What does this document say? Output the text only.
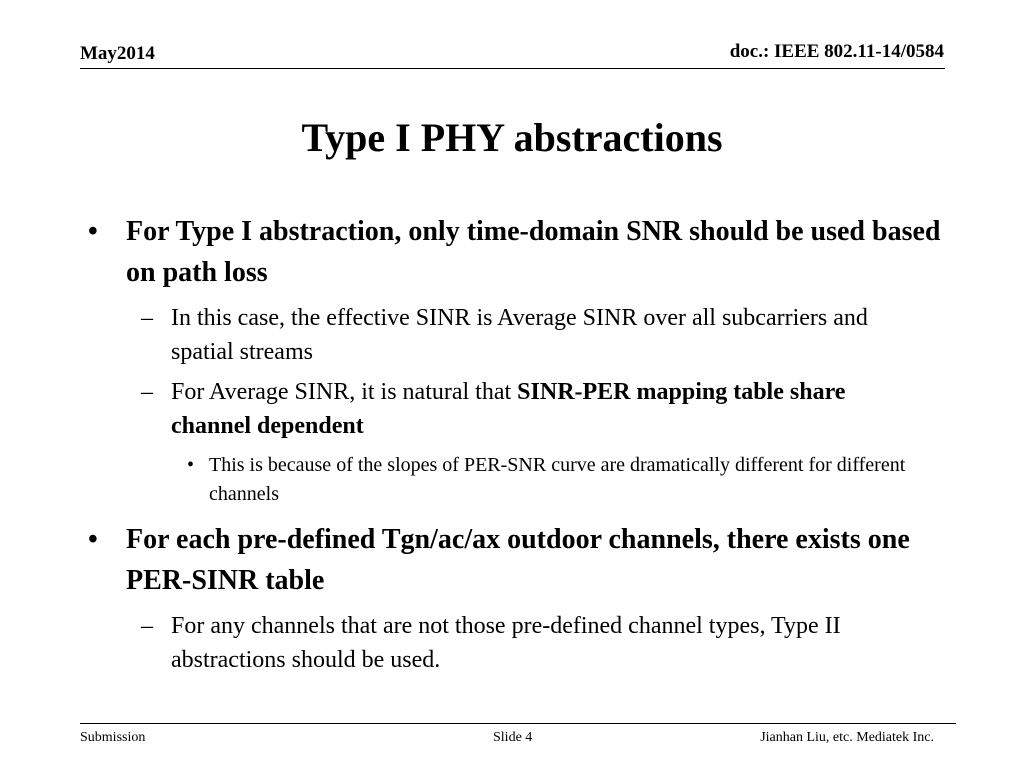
May2014	doc.: IEEE 802.11-14/0584
Type I PHY abstractions
• For Type I abstraction, only time-domain SNR should be used based on path loss
– In this case, the effective SINR is Average SINR over all subcarriers and spatial streams
– For Average SINR, it is natural that SINR-PER mapping table share channel dependent
• This is because of the slopes of PER-SNR curve are dramatically different for different channels
• For each pre-defined Tgn/ac/ax outdoor channels, there exists one PER-SINR table
– For any channels that are not those pre-defined channel types, Type II abstractions should be used.
Submission	Slide 4	Jianhan Liu, etc. Mediatek Inc.
